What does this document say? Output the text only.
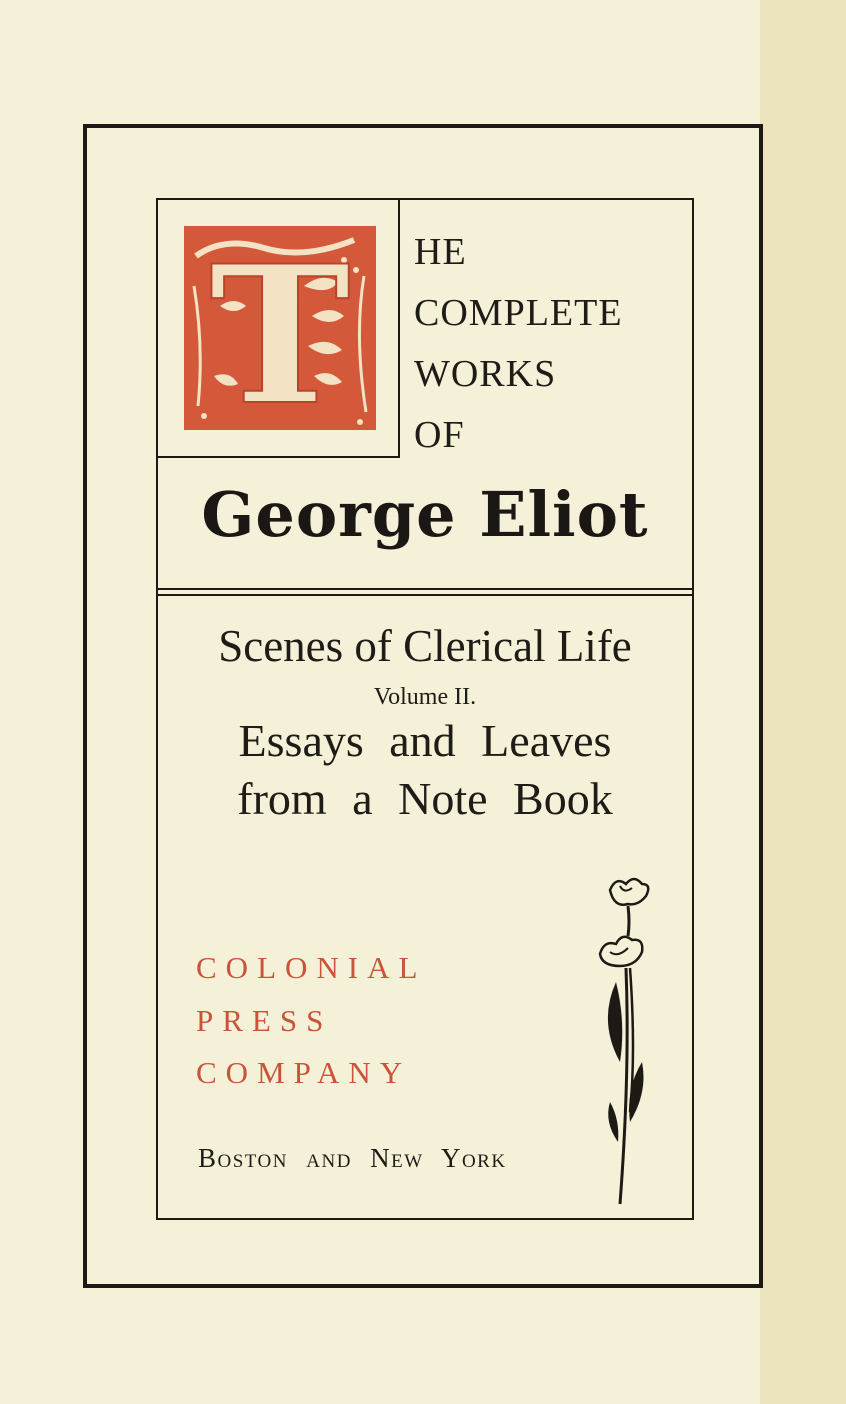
T HE
COMPLETE
WORKS
OF
George Eliot
Scenes of Clerical Life
Volume II.
Essays and Leaves
from a Note Book
COLONIAL
PRESS
COMPANY
Boston and New York
